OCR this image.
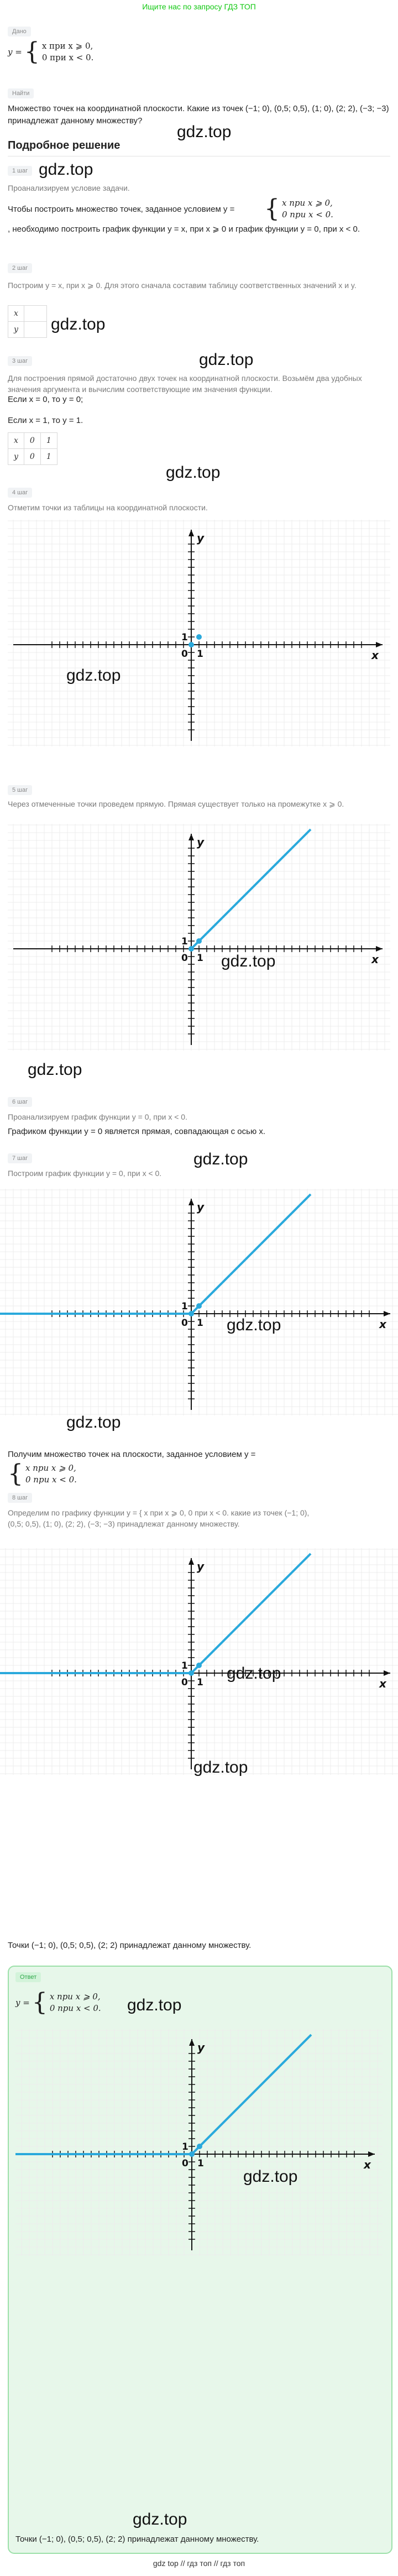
Ищите нас по запросу ГДЗ ТОП
Дано
y = { x при x ⩾ 0,
0 при x < 0.
Найти
Множество точек на координатной плоскости. Какие из точек (−1; 0), (0,5; 0,5), (1; 0), (2; 2), (−3; −3) принадлежат данному множеству?
gdz.top
Подробное решение
1 шаг gdz.top
Проанализируем условие задачи.
Чтобы построить множество точек, заданное условием y = { x при x ⩾ 0,
0 при x < 0.
, необходимо построить график функции y = x, при x ⩾ 0 и график функции y = 0, при x < 0.
2 шаг
Построим y = x, при x ⩾ 0. Для этого сначала составим таблицу соответственных значений x и y.
x	
y	gdz.top
3 шаг	gdz.top
Для построения прямой достаточно двух точек на координатной плоскости. Возьмём два удобных значения аргумента и вычислим соответствующие им значения функции.
Если x = 0, то y = 0;
Если x = 1, то y = 1.
x	0	1
y	0	1
gdz.top
4 шаг
Отметим точки из таблицы на координатной плоскости.
x
y
0 1
1
gdz.top
5 шаг
Через отмеченные точки проведем прямую. Прямая существует только на промежутке x ⩾ 0.
x
y
0 1
1
gdz.top
gdz.top
6 шаг
Проанализируем график функции y = 0, при x < 0.
Графиком функции y = 0 является прямая, совпадающая с осью x.
7 шаг	gdz.top
Построим график функции y = 0, при x < 0.
x
y
0 1
1
gdz.top
gdz.top
Получим множество точек на плоскости, заданное условием y =
{ x при x ⩾ 0,
0 при x < 0.
8 шаг
Определим по графику функции y = { x при x ⩾ 0, 0 при x < 0. какие из точек (−1; 0), (0,5; 0,5), (1; 0), (2; 2), (−3; −3) принадлежат данному множеству.
x
y
0 1
1 gdz.top
gdz.top
Точки (−1; 0), (0,5; 0,5), (2; 2) принадлежат данному множеству.
Ответ
y = { x при x ⩾ 0,
0 при x < 0. gdz.top
x
y
0 1
1
gdz.top
gdz.top
Точки (−1; 0), (0,5; 0,5), (2; 2) принадлежат данному множеству.
gdz top // гдз топ // гдз топ
